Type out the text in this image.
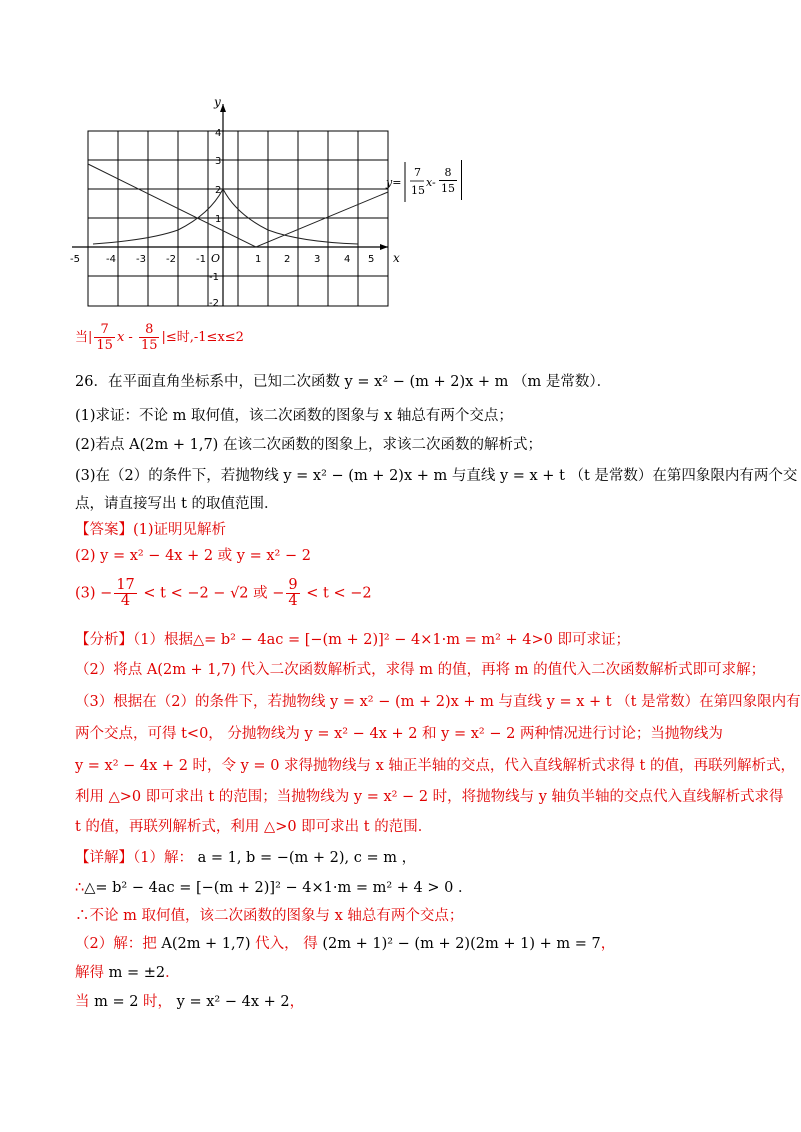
y
x
O
-5	-4 -3 -2 -1	1 2 3 4 5
4
3
2
1
-1
-2
y=
7
15
$x- \frac{8}{15}$
当| $\frac{7}{15}$ x - $\frac{8}{15}$ |≤时,-1≤x≤2
26．在平面直角坐标系中，已知二次函数 y = x² − (m + 2)x + m （m 是常数）．
(1)求证：不论 m 取何值，该二次函数的图象与 x 轴总有两个交点；
(2)若点 A(2m + 1,7) 在该二次函数的图象上，求该二次函数的解析式；
(3)在（2）的条件下，若抛物线 y = x² − (m + 2)x + m 与直线 y = x + t （t 是常数）在第四象限内有两个交
点，请直接写出 t 的取值范围．
【答案】(1)证明见解析
(2) y = x² − 4x + 2 或 y = x² − 2
$(3) - \frac{17}{4} < t < -2 - √2$ 或 − $\frac{9}{4} < t < -2$
【分析】（1）根据△= b² − 4ac = [−(m + 2)]² − 4×1·m = m² + 4>0 即可求证；
（2）将点 A(2m + 1,7) 代入二次函数解析式，求得 m 的值，再将 m 的值代入二次函数解析式即可求解；
（3）根据在（2）的条件下，若抛物线 y = x² − (m + 2)x + m 与直线 y = x + t （t 是常数）在第四象限内有
两个交点，可得 t<0， 分抛物线为 y = x² − 4x + 2 和 y = x² − 2 两种情况进行讨论；当抛物线为
y = x² − 4x + 2 时，令 y = 0 求得抛物线与 x 轴正半轴的交点，代入直线解析式求得 t 的值，再联列解析式，
利用 △>0 即可求出 t 的范围；当抛物线为 y = x² − 2 时，将抛物线与 y 轴负半轴的交点代入直线解析式求得
t 的值，再联列解析式，利用 △>0 即可求出 t 的范围．
【详解】（1）解： a = 1, b = −(m + 2), c = m ，
∴△= b² − 4ac = [−(m + 2)]² − 4×1·m = m² + 4 > 0 ．
∴不论 m 取何值，该二次函数的图象与 x 轴总有两个交点；
（2）解：把 A(2m + 1,7) 代入， 得 (2m + 1)² − (m + 2)(2m + 1) + m = 7，
解得 m = ±2．
当 m = 2 时， y = x² − 4x + 2，
